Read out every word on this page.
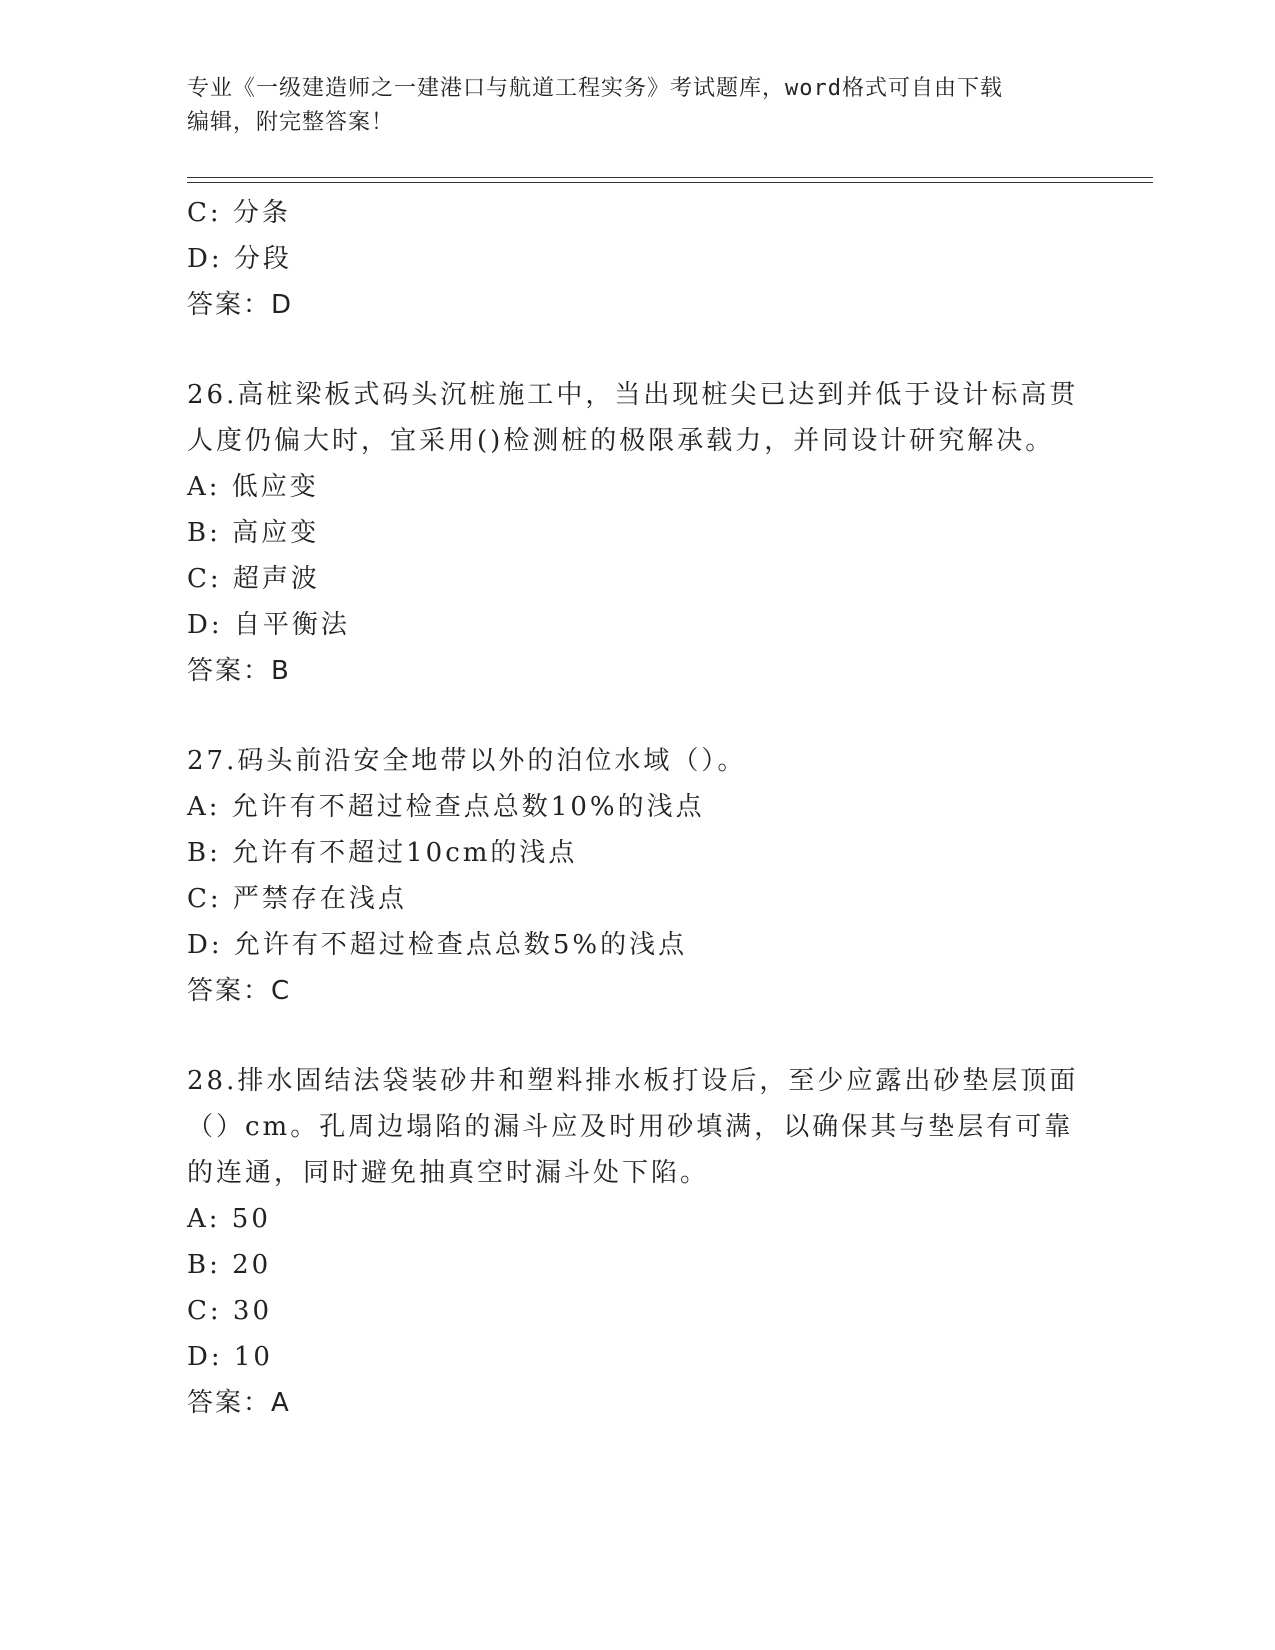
专业《一级建造师之一建港口与航道工程实务》考试题库，word格式可自由下载
编辑，附完整答案！
C: 分条
D: 分段
答案：D
26.高桩梁板式码头沉桩施工中，当出现桩尖已达到并低于设计标高贯
人度仍偏大时，宜采用()检测桩的极限承载力，并同设计研究解决。
A: 低应变
B: 高应变
C: 超声波
D: 自平衡法
答案：B
27.码头前沿安全地带以外的泊位水域（）。
A: 允许有不超过检查点总数10%的浅点
B: 允许有不超过10cm的浅点
C: 严禁存在浅点
D: 允许有不超过检查点总数5%的浅点
答案：C
28.排水固结法袋装砂井和塑料排水板打设后，至少应露出砂垫层顶面
（）cm。孔周边塌陷的漏斗应及时用砂填满，以确保其与垫层有可靠
的连通，同时避免抽真空时漏斗处下陷。
A: 50
B: 20
C: 30
D: 10
答案：A
